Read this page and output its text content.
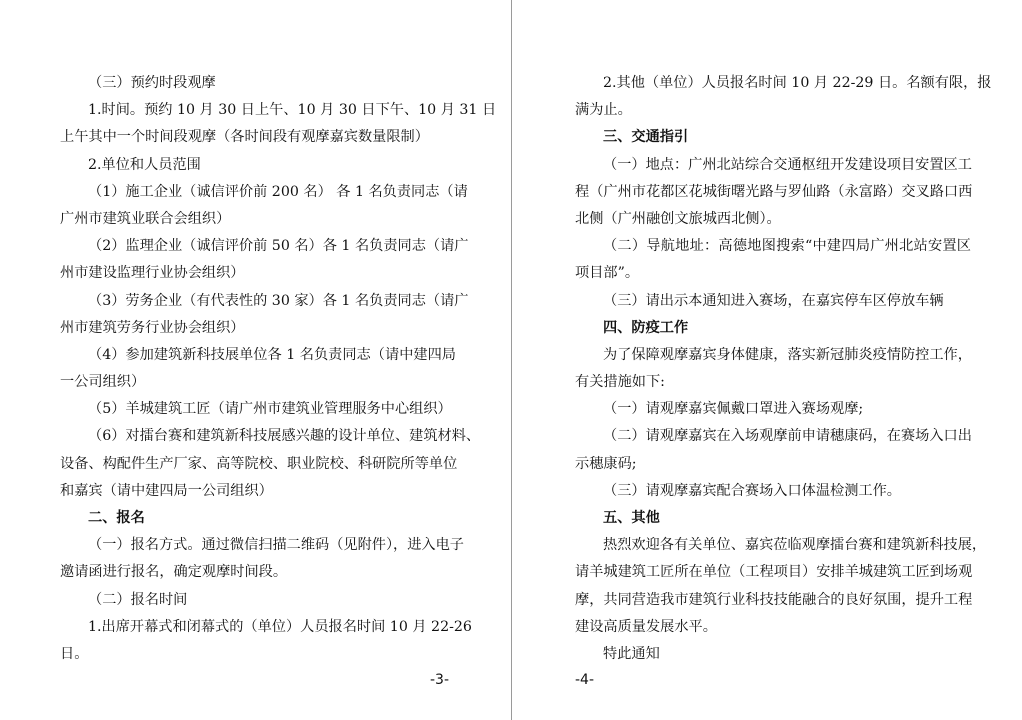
（三）预约时段观摩
1.时间。预约 10 月 30 日上午、10 月 30 日下午、10 月 31 日
上午其中一个时间段观摩（各时间段有观摩嘉宾数量限制）
2.单位和人员范围
（1）施工企业（诚信评价前 200 名） 各 1 名负责同志（请
广州市建筑业联合会组织）
（2）监理企业（诚信评价前 50 名）各 1 名负责同志（请广
州市建设监理行业协会组织）
（3）劳务企业（有代表性的 30 家）各 1 名负责同志（请广
州市建筑劳务行业协会组织）
（4）参加建筑新科技展单位各 1 名负责同志（请中建四局
一公司组织）
（5）羊城建筑工匠（请广州市建筑业管理服务中心组织）
（6）对擂台赛和建筑新科技展感兴趣的设计单位、建筑材料、
设备、构配件生产厂家、高等院校、职业院校、科研院所等单位
和嘉宾（请中建四局一公司组织）
二、报名
（一）报名方式。通过微信扫描二维码（见附件），进入电子
邀请函进行报名，确定观摩时间段。
（二）报名时间
1.出席开幕式和闭幕式的（单位）人员报名时间 10 月 22-26
日。
-3-
2.其他（单位）人员报名时间 10 月 22-29 日。名额有限，报
满为止。
三、交通指引
（一）地点：广州北站综合交通枢纽开发建设项目安置区工
程（广州市花都区花城街曙光路与罗仙路（永富路）交叉路口西
北侧（广州融创文旅城西北侧）。
（二）导航地址：高德地图搜索“中建四局广州北站安置区
项目部”。
（三）请出示本通知进入赛场，在嘉宾停车区停放车辆
四、防疫工作
为了保障观摩嘉宾身体健康，落实新冠肺炎疫情防控工作，
有关措施如下:
（一）请观摩嘉宾佩戴口罩进入赛场观摩;
（二）请观摩嘉宾在入场观摩前申请穗康码，在赛场入口出
示穗康码;
（三）请观摩嘉宾配合赛场入口体温检测工作。
五、其他
热烈欢迎各有关单位、嘉宾莅临观摩擂台赛和建筑新科技展，
请羊城建筑工匠所在单位（工程项目）安排羊城建筑工匠到场观
摩，共同营造我市建筑行业科技技能融合的良好氛围，提升工程
建设高质量发展水平。
特此通知
-4-
